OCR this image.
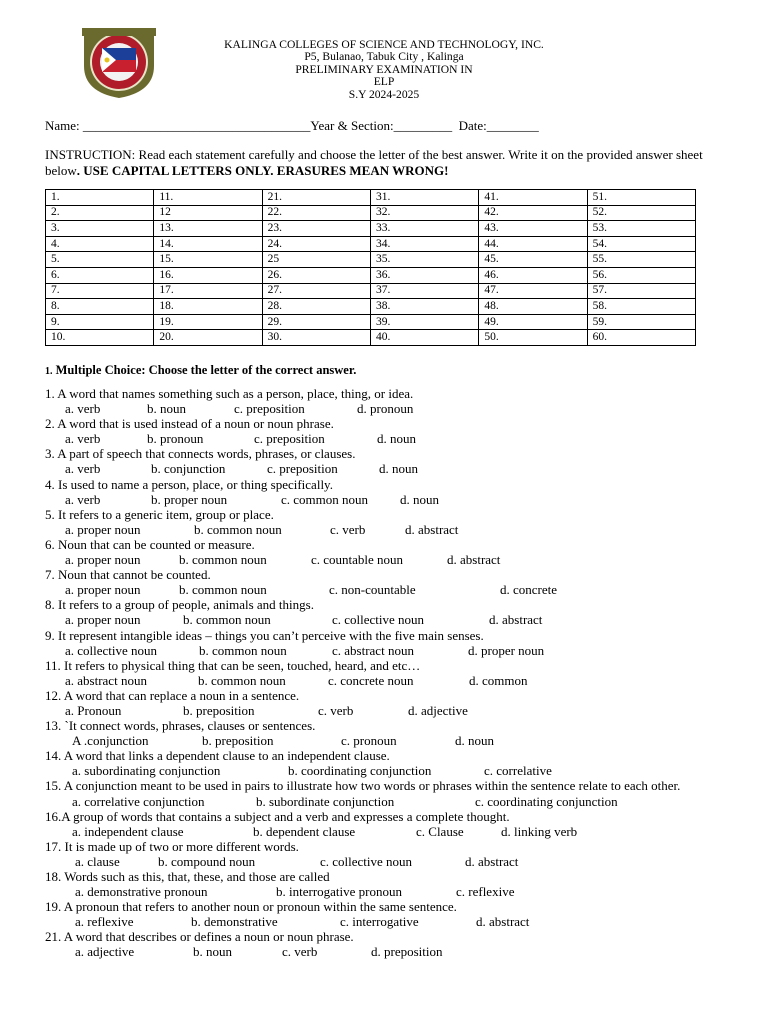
KALINGA COLLEGES OF SCIENCE AND TECHNOLOGY, INC.
P5, Bulanao, Tabuk City , Kalinga
PRELIMINARY EXAMINATION IN
ELP
S.Y 2024-2025
Name: ___________________________________Year & Section:_________  Date:________
INSTRUCTION: Read each statement carefully and choose the letter of the best answer. Write it on the provided answer sheet below. USE CAPITAL LETTERS ONLY. ERASURES MEAN WRONG!
1.	11.	21.	31.	41.	51.
2.	12	22.	32.	42.	52.
3.	13.	23.	33.	43.	53.
4.	14.	24.	34.	44.	54.
5.	15.	25	35.	45.	55.
6.	16.	26.	36.	46.	56.
7.	17.	27.	37.	47.	57.
8.	18.	28.	38.	48.	58.
9.	19.	29.	39.	49.	59.
10.	20.	30.	40.	50.	60.
1. Multiple Choice: Choose the letter of the correct answer.
1. A word that names something such as a person, place, thing, or idea.
a. verb	b. noun	c. preposition	d. pronoun
2. A word that is used instead of a noun or noun phrase.
a. verb	b. pronoun	c. preposition	d. noun
3. A part of speech that connects words, phrases, or clauses.
a. verb	b. conjunction	c. preposition	d. noun
4. Is used to name a person, place, or thing specifically.
a. verb	b. proper noun	c. common noun	d. noun
5. It refers to a generic item, group or place.
a. proper noun	b. common noun	c. verb	d. abstract
6. Noun that can be counted or measure.
a. proper noun	b. common noun	c. countable noun	d. abstract
7. Noun that cannot be counted.
a. proper noun	b. common noun	c. non-countable	d. concrete
8. It refers to a group of people, animals and things.
a. proper noun	b. common noun	c. collective noun	d. abstract
9. It represent intangible ideas – things you can’t perceive with the five main senses.
a. collective noun	b. common noun	c. abstract noun	d. proper noun
11. It refers to physical thing that can be seen, touched, heard, and etc…
a. abstract noun	b. common noun	c. concrete noun	d. common
12. A word that can replace a noun in a sentence.
a. Pronoun	b. preposition	c. verb	d. adjective
13. `It connect words, phrases, clauses or sentences.
A .conjunction	b. preposition	c. pronoun	d. noun
14. A word that links a dependent clause to an independent clause.
a. subordinating conjunction	b. coordinating conjunction	c. correlative
15. A conjunction meant to be used in pairs to illustrate how two words or phrases within the sentence relate to each other.
a. correlative conjunction	b. subordinate conjunction	c. coordinating conjunction
16.A group of words that contains a subject and a verb and expresses a complete thought.
a. independent clause	b. dependent clause	c. Clause	d. linking verb
17. It is made up of two or more different words.
a. clause	b. compound noun	c. collective noun	d. abstract
18. Words such as this, that, these, and those are called
a. demonstrative pronoun	b. interrogative pronoun	c. reflexive
19. A pronoun that refers to another noun or pronoun within the same sentence.
a. reflexive	b. demonstrative	c. interrogative	d. abstract
21. A word that describes or defines a noun or noun phrase.
a. adjective	b. noun	c. verb	d. preposition
